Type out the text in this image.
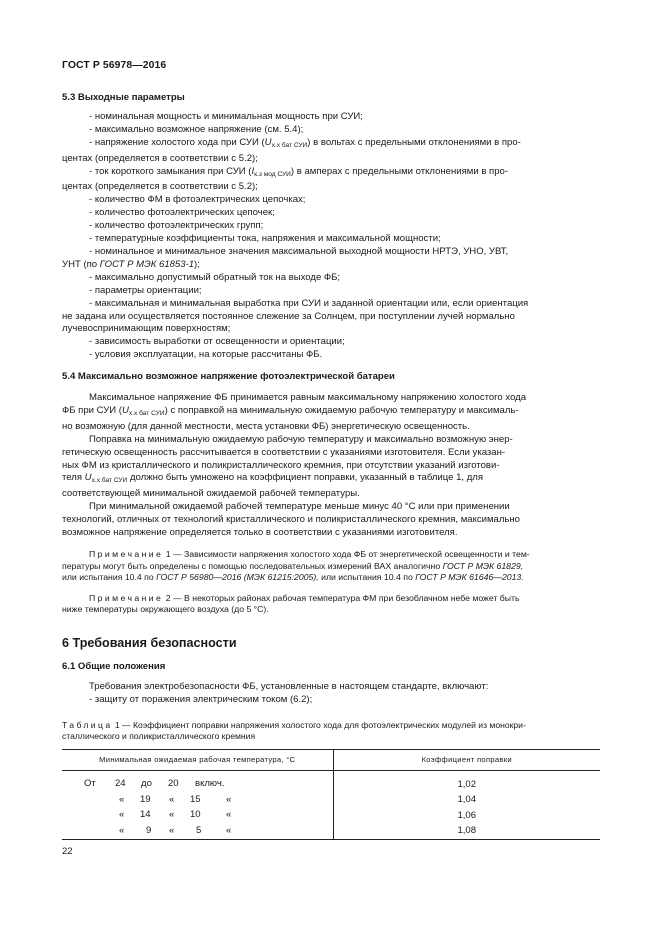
ГОСТ Р 56978—2016

5.3 Выходные параметры

- номинальная мощность и минимальная мощность при СУИ;

- максимально возможное напряжение (см. 5.4);

- напряжение холостого хода при СУИ $(U_{х.х бат СУИ})$ в вольтах с предельными отклонениями в про-

центах (определяется в соответствии с 5.2);

- ток короткого замыкания при СУИ $(I_{к.з мод СУИ})$ в амперах с предельными отклонениями в про-

центах (определяется в соответствии с 5.2);

- количество ФМ в фотоэлектрических цепочках;

- количество фотоэлектрических цепочек;

- количество фотоэлектрических групп;

- температурные коэффициенты тока, напряжения и максимальной мощности;

- номинальное и минимальное значения максимальной выходной мощности НРТЭ, УНО, УВТ,

УНТ (по ГОСТ Р МЭК 61853-1);

- максимально допустимый обратный ток на выходе ФБ;

- параметры ориентации;

- максимальная и минимальная выработка при СУИ и заданной ориентации или, если ориентация

не задана или осуществляется постоянное слежение за Солнцем, при поступлении лучей нормально

лучевоспринимающим поверхностям;

- зависимость выработки от освещенности и ориентации;

- условия эксплуатации, на которые рассчитаны ФБ.

5.4 Максимально возможное напряжение фотоэлектрической батареи

Максимальное напряжение ФБ принимается равным максимальному напряжению холостого хода

ФБ при СУИ $(U_{х.х бат СУИ})$ с поправкой на минимальную ожидаемую рабочую температуру и максималь-

но возможную (для данной местности, места установки ФБ) энергетическую освещенность.

Поправка на минимальную ожидаемую рабочую температуру и максимально возможную энер-

гетическую освещенность рассчитывается в соответствии с указаниями изготовителя. Если указан-

ных ФМ из кристаллического и поликристаллического кремния, при отсутствии указаний изготови-

теля $U_{х.х бат СУИ}$ должно быть умножено на коэффициент поправки, указанный в таблице 1, для

соответствующей минимальной ожидаемой рабочей температуры.

При минимальной ожидаемой рабочей температуре меньше минус 40 °С или при применении

технологий, отличных от технологий кристаллического и поликристаллического кремния, максимально

возможное напряжение определяется только в соответствии с указаниями изготовителя.

Примечание 1 — Зависимости напряжения холостого хода ФБ от энергетической освещенности и тем-

пературы могут быть определены с помощью последовательных измерений ВАХ аналогично ГОСТ Р МЭК 61829,

или испытания 10.4 по ГОСТ Р 56980—2016 (МЭК 61215:2005), или испытания 10.4 по ГОСТ Р МЭК 61646—2013.

Примечание 2 — В некоторых районах рабочая температура ФМ при безоблачном небе может быть

ниже температуры окружающего воздуха (до 5 °С).

6 Требования безопасности

6.1 Общие положения

Требования электробезопасности ФБ, установленные в настоящем стандарте, включают:

- защиту от поражения электрическим током (6.2);

Таблица 1 — Коэффициент поправки напряжения холостого хода для фотоэлектрических модулей из монокри-

сталлического и поликристаллического кремния

Минимальная ожидаемая рабочая температура, °С	Коэффициент поправки

От 24 до 20 включ.	1,02

« 19 « 15 «	1,04

« 14 « 10 «	1,06

« 9 « 5 «	1,08
22
